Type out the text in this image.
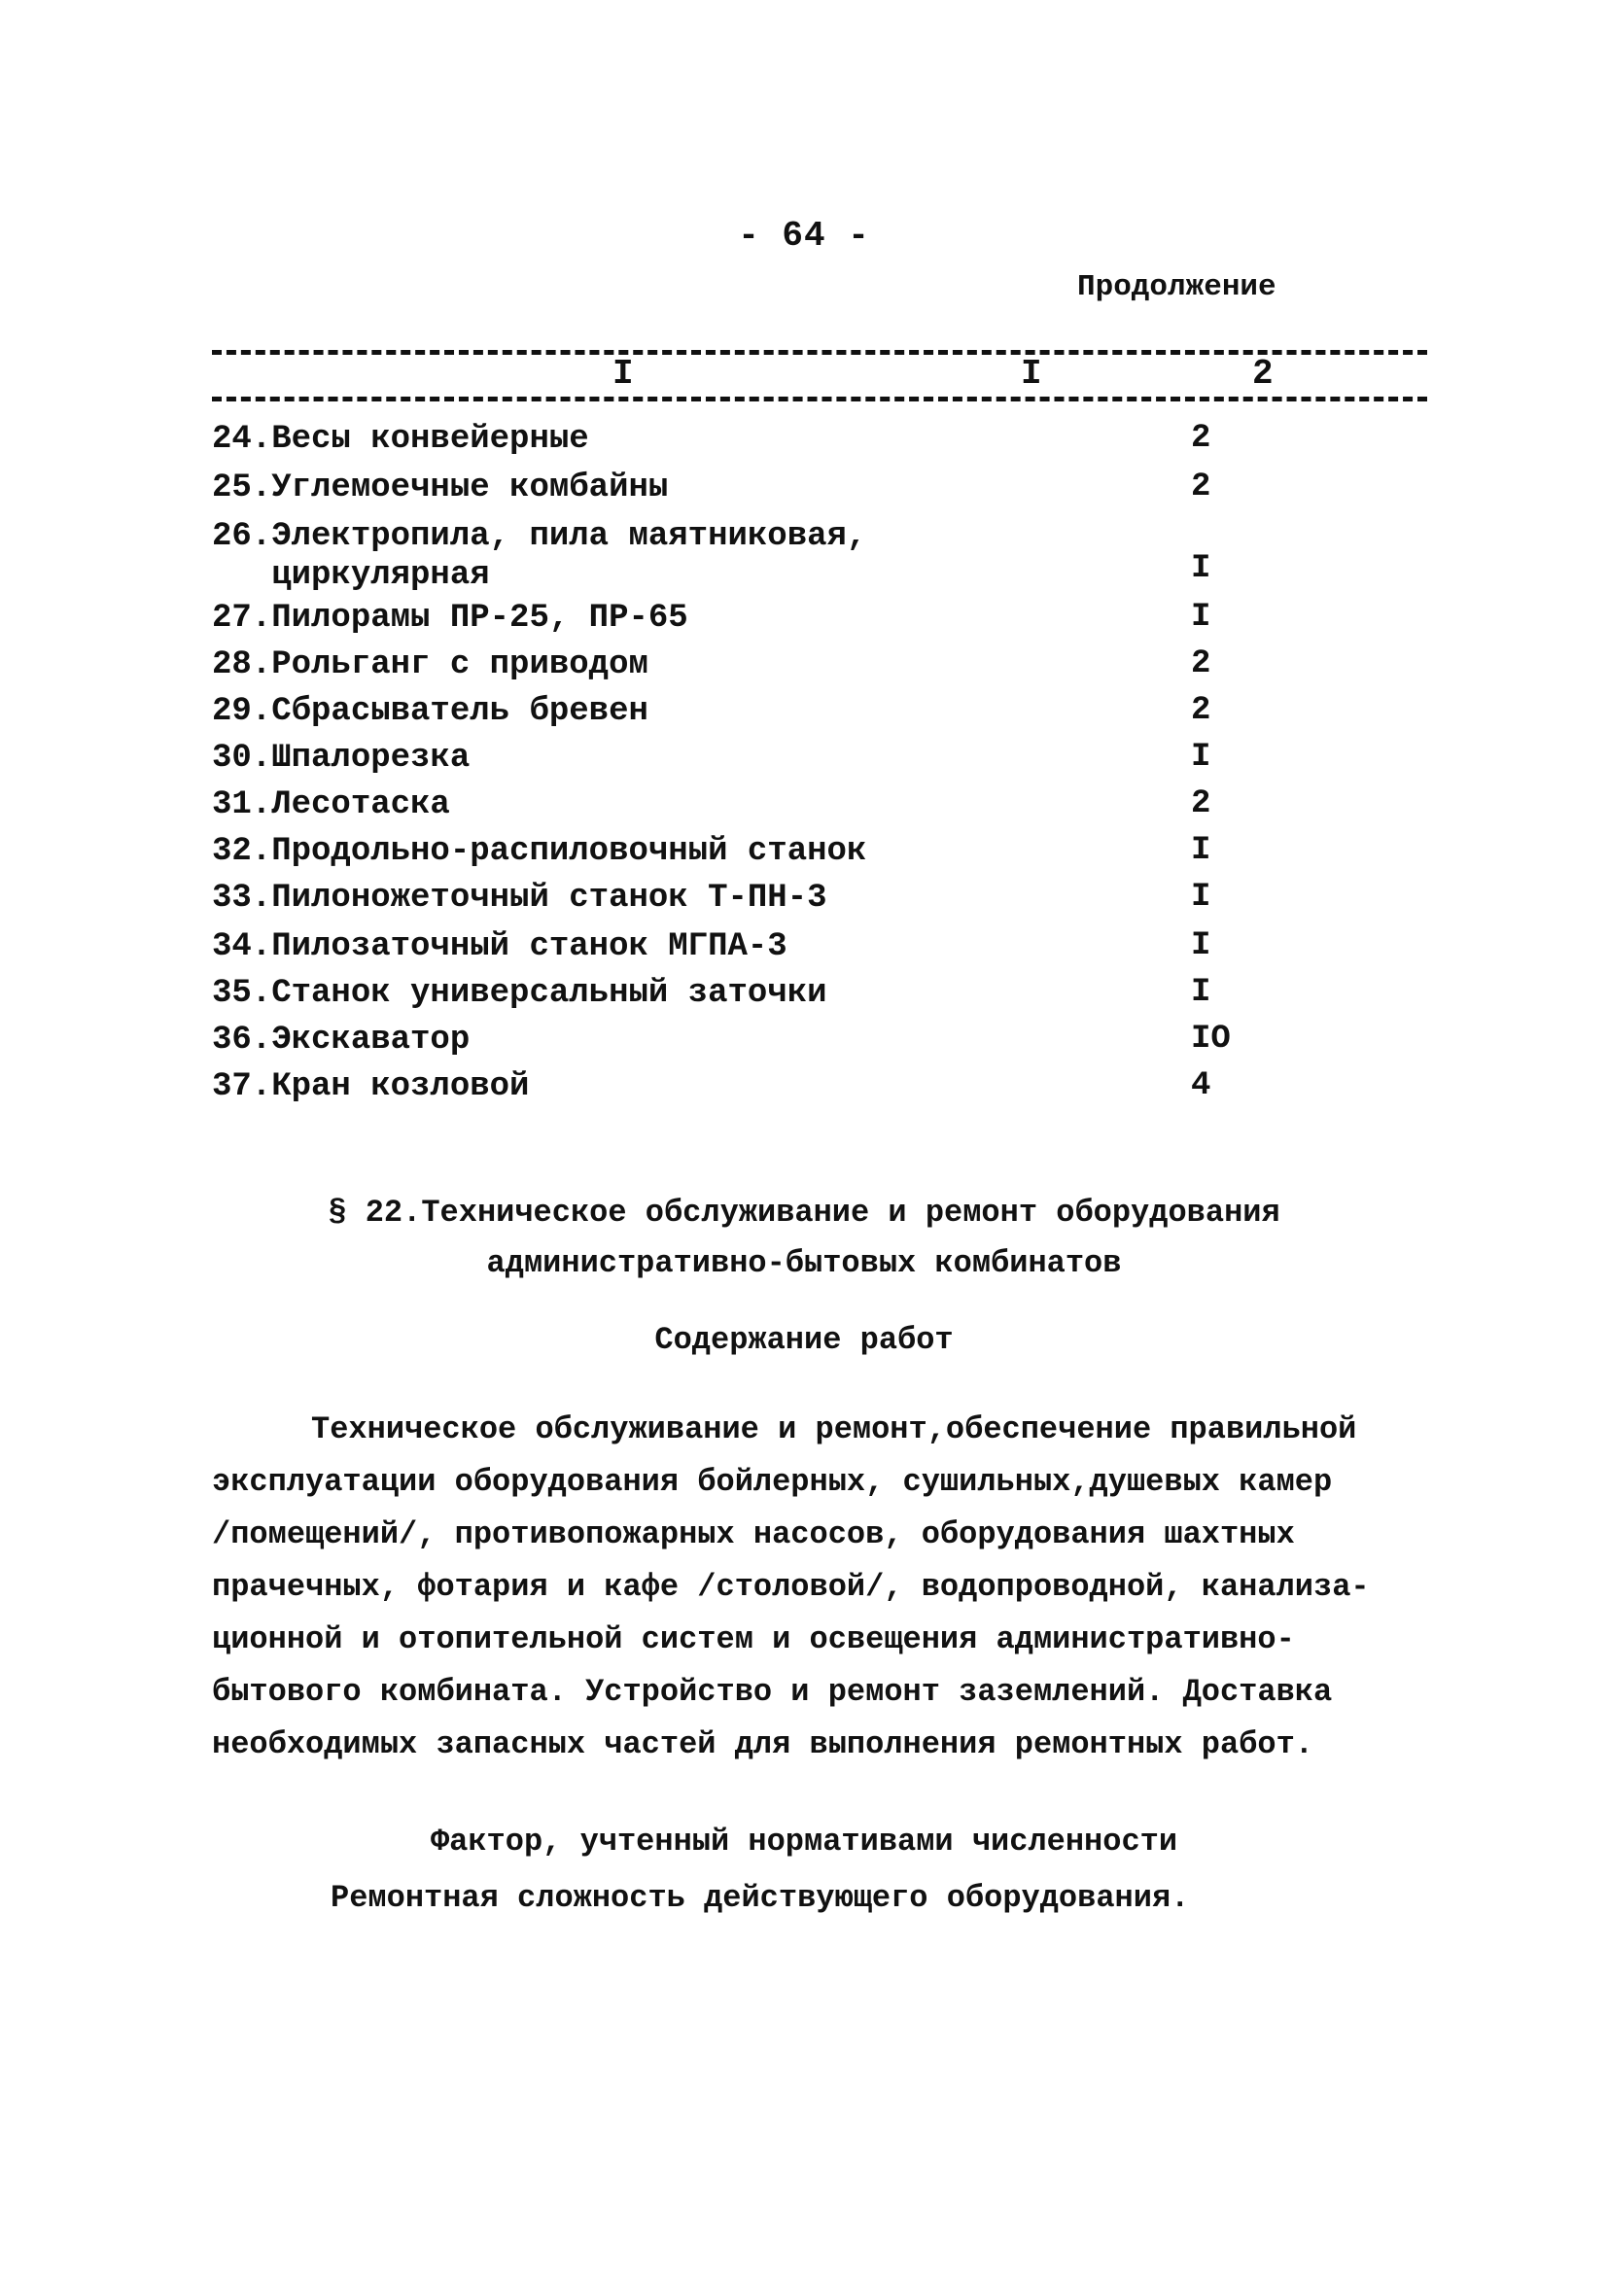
- 64 -
Продолжение
I	I	2
24.Весы конвейерные	2
25.Углемоечные комбайны	2
26.Электропила, пила маятниковая,
циркулярная	I
27.Пилорамы ПР-25, ПР-65	I
28.Рольганг с приводом	2
29.Сбрасыватель бревен	2
30.Шпалорезка	I
31.Лесотаска	2
32.Продольно-распиловочный станок	I
33.Пилоножеточный станок Т-ПН-3	I
34.Пилозаточный станок МГПА-3	I
35.Станок универсальный заточки	I
36.Экскаватор	IO
37.Кран козловой	4
§ 22.Техническое обслуживание и ремонт оборудования
административно-бытовых комбинатов
Содержание работ
Техническое обслуживание и ремонт,обеспечение правильной
эксплуатации оборудования бойлерных, сушильных,душевых камер
/помещений/, противопожарных насосов, оборудования шахтных
прачечных, фотария и кафе /столовой/, водопроводной, канализа-
ционной и отопительной систем и освещения административно-
бытового комбината. Устройство и ремонт заземлений. Доставка
необходимых запасных частей для выполнения ремонтных работ.
Фактор, учтенный нормативами численности
Ремонтная сложность действующего оборудования.
